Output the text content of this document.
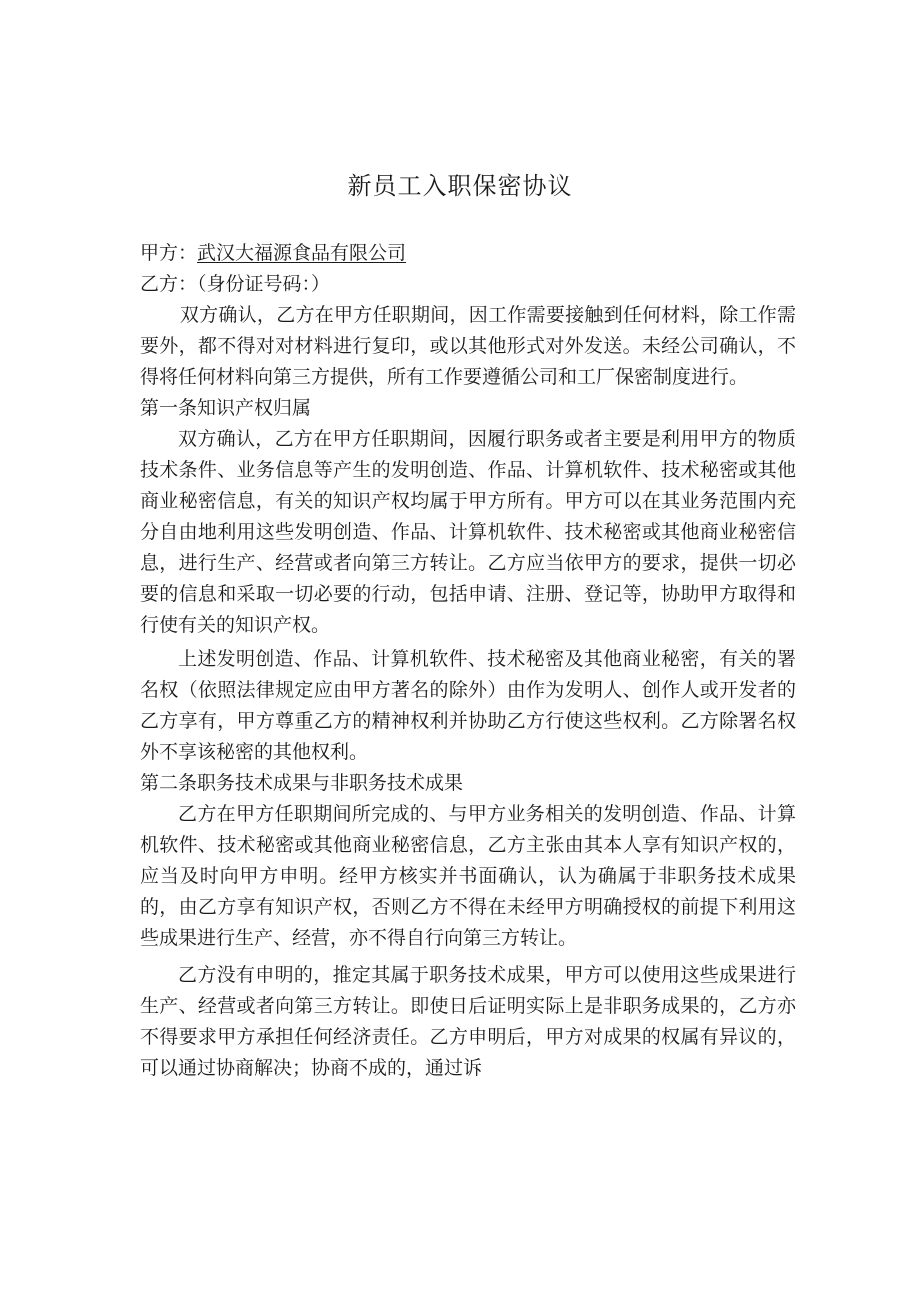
新员工入职保密协议

甲方：武汉大福源食品有限公司

乙方：（身份证号码：）

双方确认，乙方在甲方任职期间，因工作需要接触到任何材料，除工作需要外，都不得对对材料进行复印，或以其他形式对外发送。未经公司确认，不得将任何材料向第三方提供，所有工作要遵循公司和工厂保密制度进行。

第一条知识产权归属

双方确认，乙方在甲方任职期间，因履行职务或者主要是利用甲方的物质技术条件、业务信息等产生的发明创造、作品、计算机软件、技术秘密或其他商业秘密信息，有关的知识产权均属于甲方所有。甲方可以在其业务范围内充分自由地利用这些发明创造、作品、计算机软件、技术秘密或其他商业秘密信息，进行生产、经营或者向第三方转让。乙方应当依甲方的要求，提供一切必要的信息和采取一切必要的行动，包括申请、注册、登记等，协助甲方取得和行使有关的知识产权。

上述发明创造、作品、计算机软件、技术秘密及其他商业秘密，有关的署名权（依照法律规定应由甲方著名的除外）由作为发明人、创作人或开发者的乙方享有，甲方尊重乙方的精神权利并协助乙方行使这些权利。乙方除署名权外不享该秘密的其他权利。

第二条职务技术成果与非职务技术成果

乙方在甲方任职期间所完成的、与甲方业务相关的发明创造、作品、计算机软件、技术秘密或其他商业秘密信息，乙方主张由其本人享有知识产权的，应当及时向甲方申明。经甲方核实并书面确认，认为确属于非职务技术成果的，由乙方享有知识产权，否则乙方不得在未经甲方明确授权的前提下利用这些成果进行生产、经营，亦不得自行向第三方转让。

乙方没有申明的，推定其属于职务技术成果，甲方可以使用这些成果进行生产、经营或者向第三方转让。即使日后证明实际上是非职务成果的，乙方亦不得要求甲方承担任何经济责任。乙方申明后，甲方对成果的权属有异议的，可以通过协商解决；协商不成的，通过诉
